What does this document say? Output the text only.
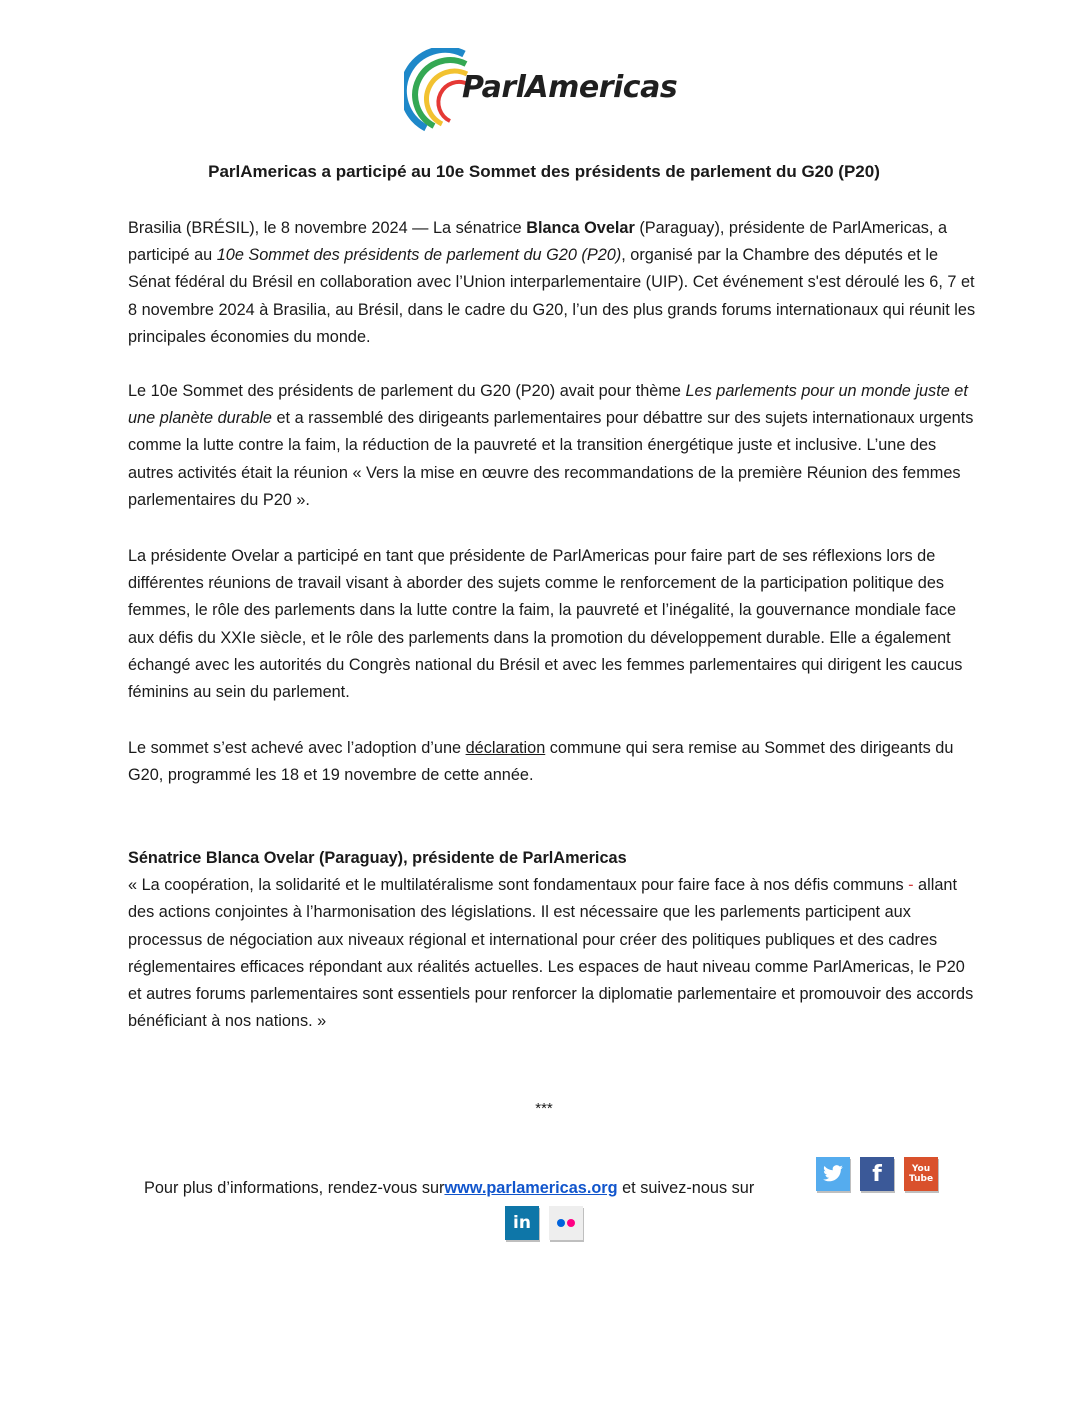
ParlAmericas
ParlAmericas a participé au 10e Sommet des présidents de parlement du G20 (P20)

Brasilia (BRÉSIL), le 8 novembre 2024 — La sénatrice Blanca Ovelar (Paraguay), présidente de ParlAmericas, a participé au 10e Sommet des présidents de parlement du G20 (P20), organisé par la Chambre des députés et le Sénat fédéral du Brésil en collaboration avec l’Union interparlementaire (UIP). Cet événement s'est déroulé les 6, 7 et 8 novembre 2024 à Brasilia, au Brésil, dans le cadre du G20, l’un des plus grands forums internationaux qui réunit les principales économies du monde.

Le 10e Sommet des présidents de parlement du G20 (P20) avait pour thème Les parlements pour un monde juste et une planète durable et a rassemblé des dirigeants parlementaires pour débattre sur des sujets internationaux urgents comme la lutte contre la faim, la réduction de la pauvreté et la transition énergétique juste et inclusive. L’une des autres activités était la réunion « Vers la mise en œuvre des recommandations de la première Réunion des femmes parlementaires du P20 ».

La présidente Ovelar a participé en tant que présidente de ParlAmericas pour faire part de ses réflexions lors de différentes réunions de travail visant à aborder des sujets comme le renforcement de la participation politique des femmes, le rôle des parlements dans la lutte contre la faim, la pauvreté et l’inégalité, la gouvernance mondiale face aux défis du XXIe siècle, et le rôle des parlements dans la promotion du développement durable. Elle a également échangé avec les autorités du Congrès national du Brésil et avec les femmes parlementaires qui dirigent les caucus féminins au sein du parlement.

Le sommet s’est achevé avec l’adoption d’une déclaration commune qui sera remise au Sommet des dirigeants du G20, programmé les 18 et 19 novembre de cette année.

Sénatrice Blanca Ovelar (Paraguay), présidente de ParlAmericas
« La coopération, la solidarité et le multilatéralisme sont fondamentaux pour faire face à nos défis communs - allant des actions conjointes à l’harmonisation des législations. Il est nécessaire que les parlements participent aux processus de négociation aux niveaux régional et international pour créer des politiques publiques et des cadres réglementaires efficaces répondant aux réalités actuelles. Les espaces de haut niveau comme ParlAmericas, le P20 et autres forums parlementaires sont essentiels pour renforcer la diplomatie parlementaire et promouvoir des accords bénéficiant à nos nations. »

***
Pour plus d’informations, rendez-vous surwww.parlamericas.org et suivez-nous sur
f	You
Tube
in
